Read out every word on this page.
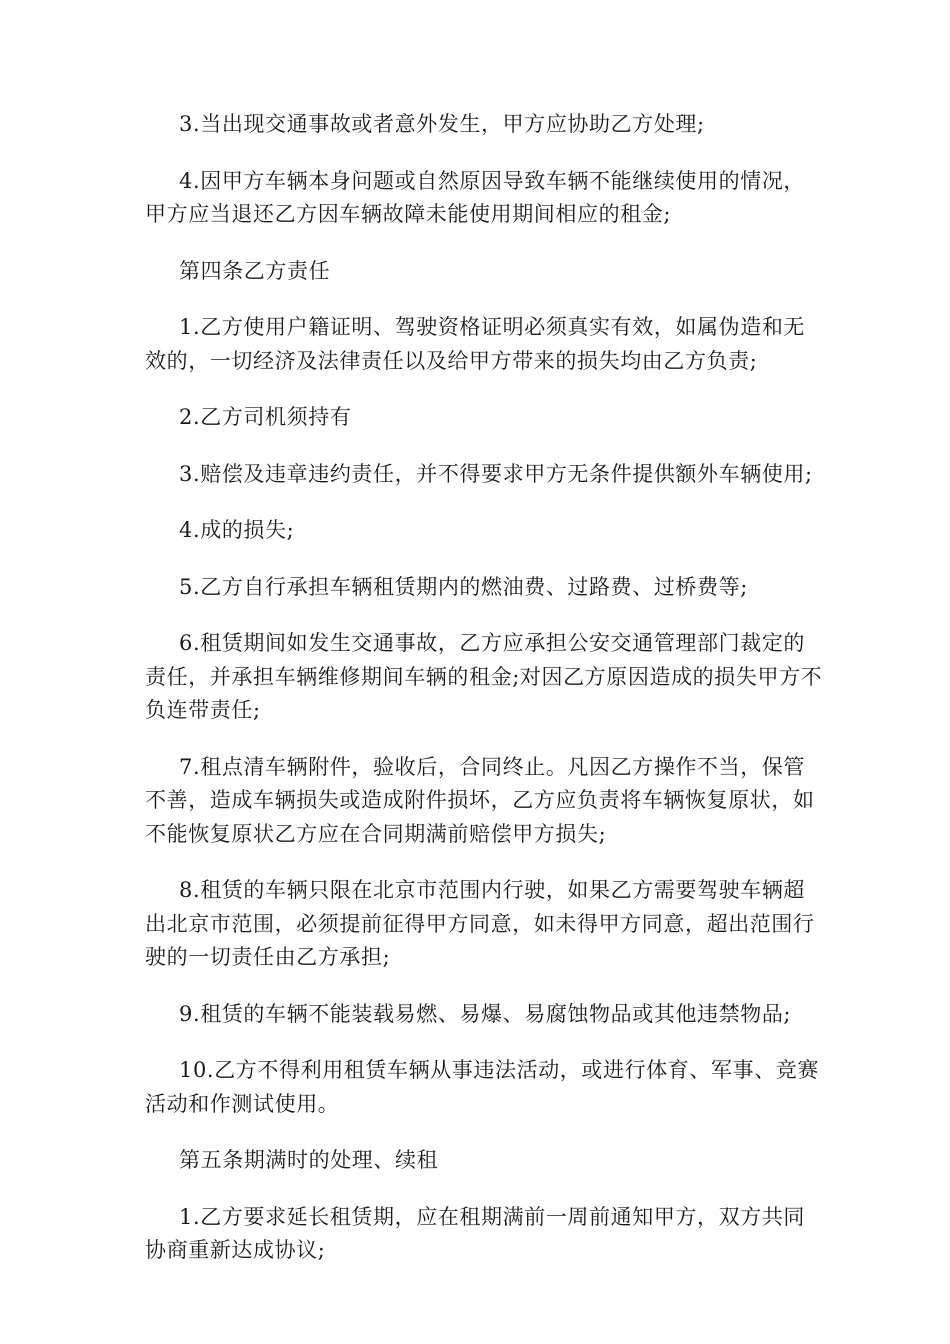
3.当出现交通事故或者意外发生，甲方应协助乙方处理;

4.因甲方车辆本身问题或自然原因导致车辆不能继续使用的情况，甲方应当退还乙方因车辆故障未能使用期间相应的租金;

第四条乙方责任

1.乙方使用户籍证明、驾驶资格证明必须真实有效，如属伪造和无效的，一切经济及法律责任以及给甲方带来的损失均由乙方负责;

2.乙方司机须持有

3.赔偿及违章违约责任，并不得要求甲方无条件提供额外车辆使用;

4.成的损失;

5.乙方自行承担车辆租赁期内的燃油费、过路费、过桥费等;

6.租赁期间如发生交通事故，乙方应承担公安交通管理部门裁定的责任，并承担车辆维修期间车辆的租金;对因乙方原因造成的损失甲方不负连带责任;

7.租点清车辆附件，验收后，合同终止。凡因乙方操作不当，保管不善，造成车辆损失或造成附件损坏，乙方应负责将车辆恢复原状，如不能恢复原状乙方应在合同期满前赔偿甲方损失;

8.租赁的车辆只限在北京市范围内行驶，如果乙方需要驾驶车辆超出北京市范围，必须提前征得甲方同意，如未得甲方同意，超出范围行驶的一切责任由乙方承担;

9.租赁的车辆不能装载易燃、易爆、易腐蚀物品或其他违禁物品;

10.乙方不得利用租赁车辆从事违法活动，或进行体育、军事、竞赛活动和作测试使用。

第五条期满时的处理、续租

1.乙方要求延长租赁期，应在租期满前一周前通知甲方，双方共同协商重新达成协议;
